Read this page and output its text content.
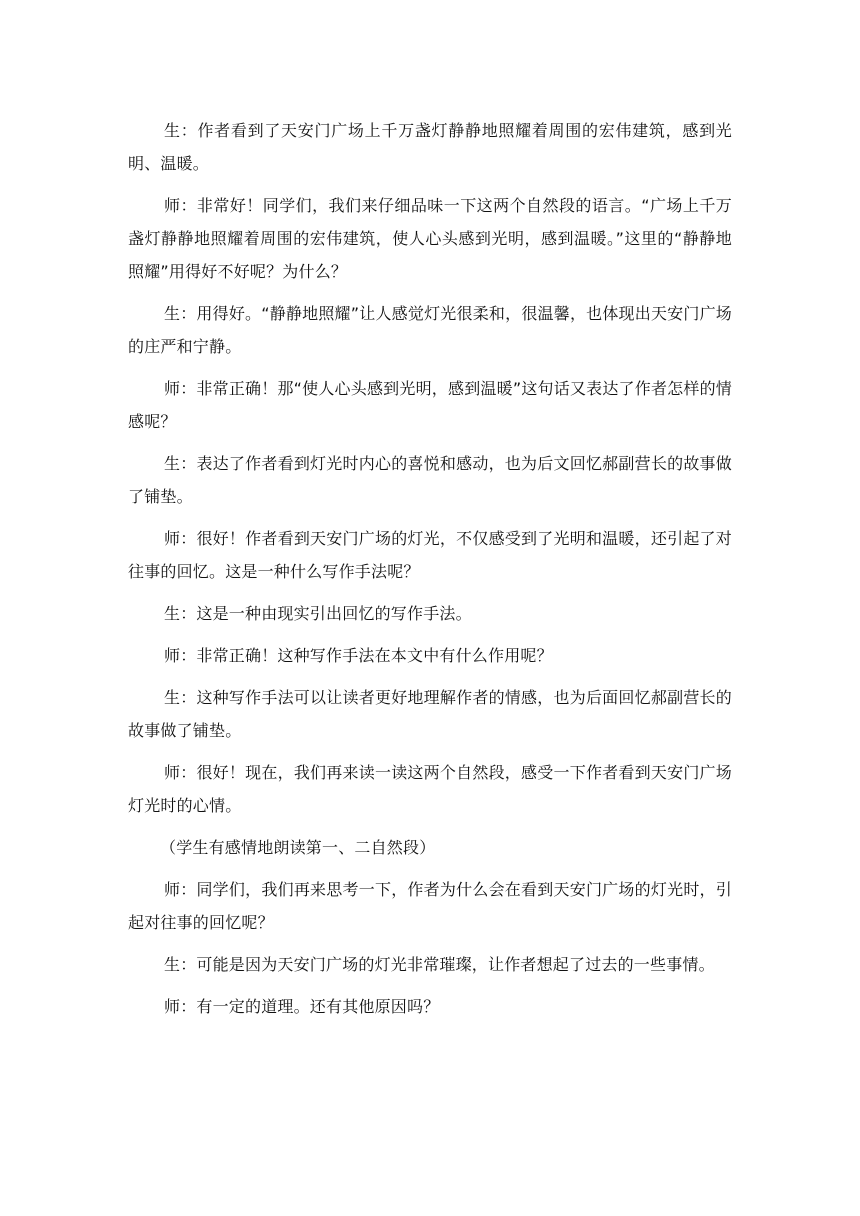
生：作者看到了天安门广场上千万盏灯静静地照耀着周围的宏伟建筑，感到光明、温暖。

师：非常好！同学们，我们来仔细品味一下这两个自然段的语言。“广场上千万盏灯静静地照耀着周围的宏伟建筑，使人心头感到光明，感到温暖。”这里的“静静地照耀”用得好不好呢？为什么？

生：用得好。“静静地照耀”让人感觉灯光很柔和，很温馨，也体现出天安门广场的庄严和宁静。

师：非常正确！那“使人心头感到光明，感到温暖”这句话又表达了作者怎样的情感呢？

生：表达了作者看到灯光时内心的喜悦和感动，也为后文回忆郝副营长的故事做了铺垫。

师：很好！作者看到天安门广场的灯光，不仅感受到了光明和温暖，还引起了对往事的回忆。这是一种什么写作手法呢？

生：这是一种由现实引出回忆的写作手法。

师：非常正确！这种写作手法在本文中有什么作用呢？

生：这种写作手法可以让读者更好地理解作者的情感，也为后面回忆郝副营长的故事做了铺垫。

师：很好！现在，我们再来读一读这两个自然段，感受一下作者看到天安门广场灯光时的心情。

（学生有感情地朗读第一、二自然段）

师：同学们，我们再来思考一下，作者为什么会在看到天安门广场的灯光时，引起对往事的回忆呢？

生：可能是因为天安门广场的灯光非常璀璨，让作者想起了过去的一些事情。

师：有一定的道理。还有其他原因吗？
